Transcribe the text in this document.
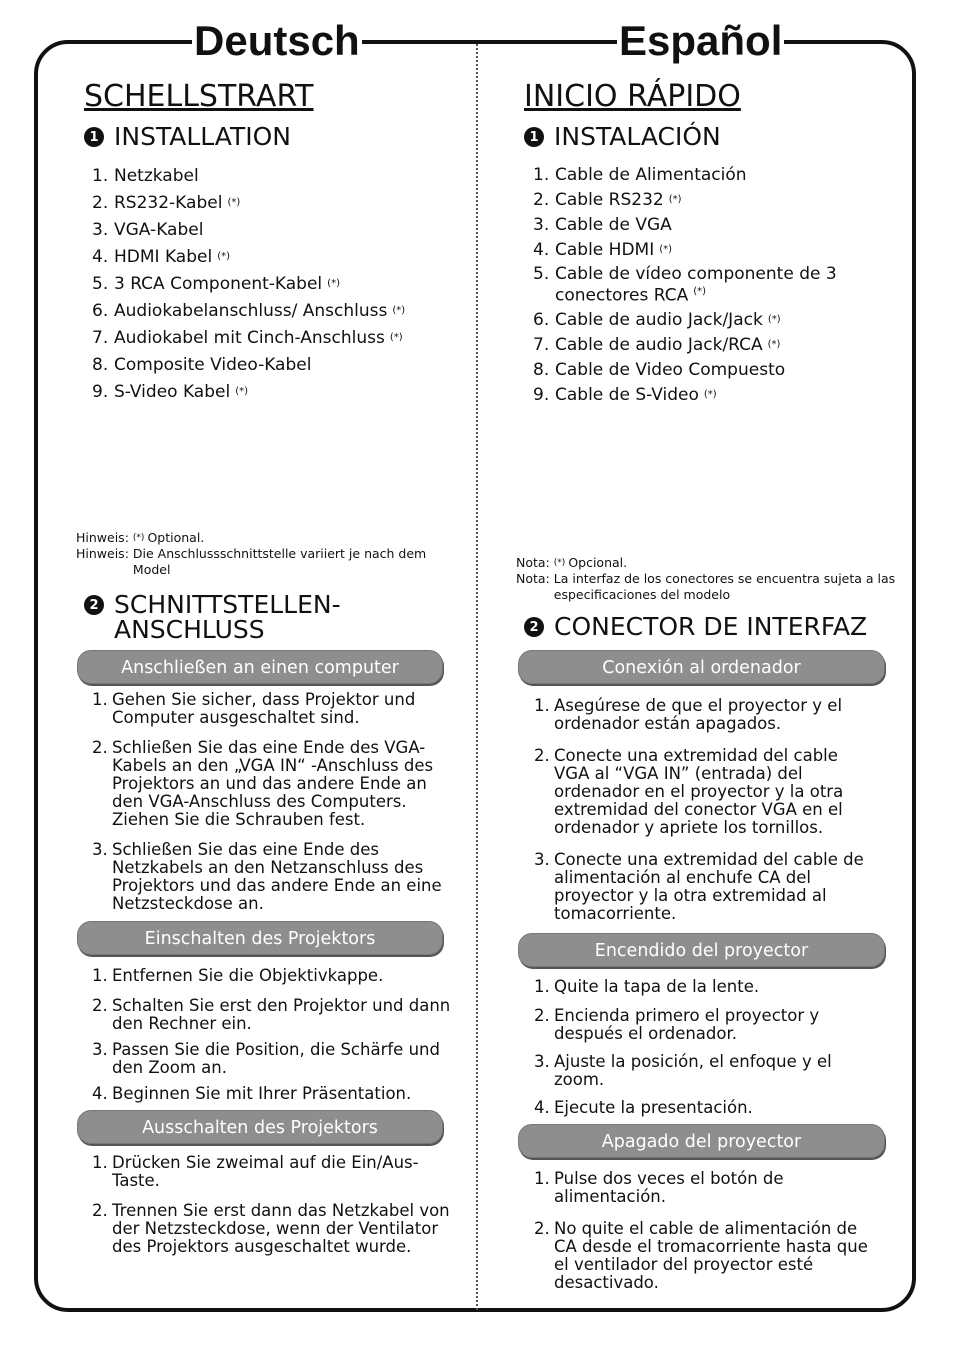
Deutsch
SCHELLSTRART
1 INSTALLATION
1. Netzkabel
2. RS232-Kabel (*)
3. VGA-Kabel
4. HDMI Kabel (*)
5. 3 RCA Component-Kabel (*)
6. Audiokabelanschluss/ Anschluss (*)
7. Audiokabel mit Cinch-Anschluss (*)
8. Composite Video-Kabel
9. S-Video Kabel (*)
Hinweis: (*) Optional.
Hinweis: Die Anschlussschnittstelle variiert je nach dem Model
2 SCHNITTSTELLEN-
ANSCHLUSS
Anschließen an einen computer
1. Gehen Sie sicher, dass Projektor und Computer ausgeschaltet sind.
2. Schließen Sie das eine Ende des VGA-Kabels an den „VGA IN“ -Anschluss des Projektors an und das andere Ende an den VGA-Anschluss des Computers. Ziehen Sie die Schrauben fest.
3. Schließen Sie das eine Ende des Netzkabels an den Netzanschluss des Projektors und das andere Ende an eine Netzsteckdose an.
Einschalten des Projektors
1. Entfernen Sie die Objektivkappe.
2. Schalten Sie erst den Projektor und dann den Rechner ein.
3. Passen Sie die Position, die Schärfe und den Zoom an.
4. Beginnen Sie mit Ihrer Präsentation.
Ausschalten des Projektors
1. Drücken Sie zweimal auf die Ein/Aus-Taste.
2. Trennen Sie erst dann das Netzkabel von der Netzsteckdose, wenn der Ventilator des Projektors ausgeschaltet wurde.
Español
INICIO RÁPIDO
1 INSTALACIÓN
1. Cable de Alimentación
2. Cable RS232 (*)
3. Cable de VGA
4. Cable HDMI (*)
5. Cable de vídeo componente de 3 conectores RCA (*)
6. Cable de audio Jack/Jack (*)
7. Cable de audio Jack/RCA (*)
8. Cable de Video Compuesto
9. Cable de S-Video (*)
Nota: (*) Opcional.
Nota: La interfaz de los conectores se encuentra sujeta a las especificaciones del modelo
2 CONECTOR DE INTERFAZ
Conexión al ordenador
1. Asegúrese de que el proyector y el ordenador están apagados.
2. Conecte una extremidad del cable VGA al “VGA IN” (entrada) del ordenador en el proyector y la otra extremidad del conector VGA en el ordenador y apriete los tornillos.
3. Conecte una extremidad del cable de alimentación al enchufe CA del proyector y la otra extremidad al tomacorriente.
Encendido del proyector
1. Quite la tapa de la lente.
2. Encienda primero el proyector y después el ordenador.
3. Ajuste la posición, el enfoque y el zoom.
4. Ejecute la presentación.
Apagado del proyector
1. Pulse dos veces el botón de alimentación.
2. No quite el cable de alimentación de CA desde el tromacorriente hasta que el ventilador del proyector esté desactivado.
